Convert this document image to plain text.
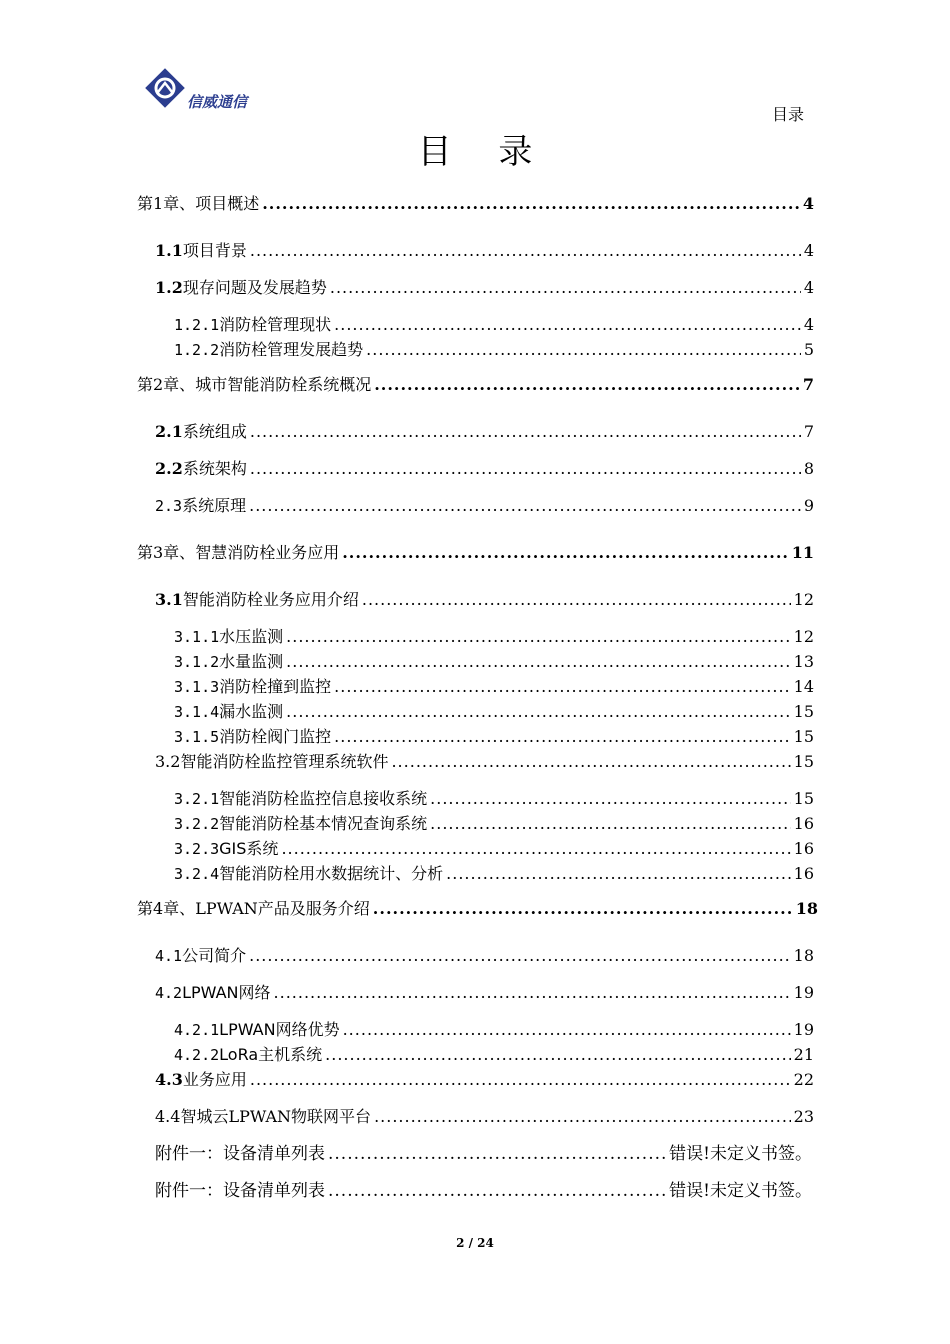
信威通信
目录
目 录
第1章、 项目概述 .....	4
1.1 项目背景 .....	4
1.2 现存问题及发展趋势 .....	4
1.2.1 消防栓管理现状 .....	4
1.2.2 消防栓管理发展趋势 .....	5
第2章、 城市智能消防栓系统概况 .....	7
2.1 系统组成 .....	7
2.2 系统架构 .....	8
2.3 系统原理 .....	9
第3章、 智慧消防栓业务应用 .....	11
3.1 智能消防栓业务应用介绍 .....	12
3.1.1 水压监测 .....	12
3.1.2 水量监测 .....	13
3.1.3 消防栓撞到监控 .....	14
3.1.4 漏水监测 .....	15
3.1.5 消防栓阀门监控 .....	15
3.2 智能消防栓监控管理系统软件 .....	15
3.2.1 智能消防栓监控信息接收系统 .....	15
3.2.2 智能消防栓基本情况查询系统 .....	16
3.2.3 GIS系统 .....	16
3.2.4 智能消防栓用水数据统计、分析 .....	16
第4章、 LPWAN产品及服务介绍 .....	18
4.1 公司简介 .....	18
4.2 LPWAN网络 .....	19
4.2.1 LPWAN网络优势 .....	19
4.2.2 LoRa主机系统 .....	21
4.3 业务应用 .....	22
4.4 智城云LPWAN物联网平台 .....	23
附件一：设备清单列表 .....	错误!未定义书签。
附件一：设备清单列表 .....	错误!未定义书签。
2 / 24
